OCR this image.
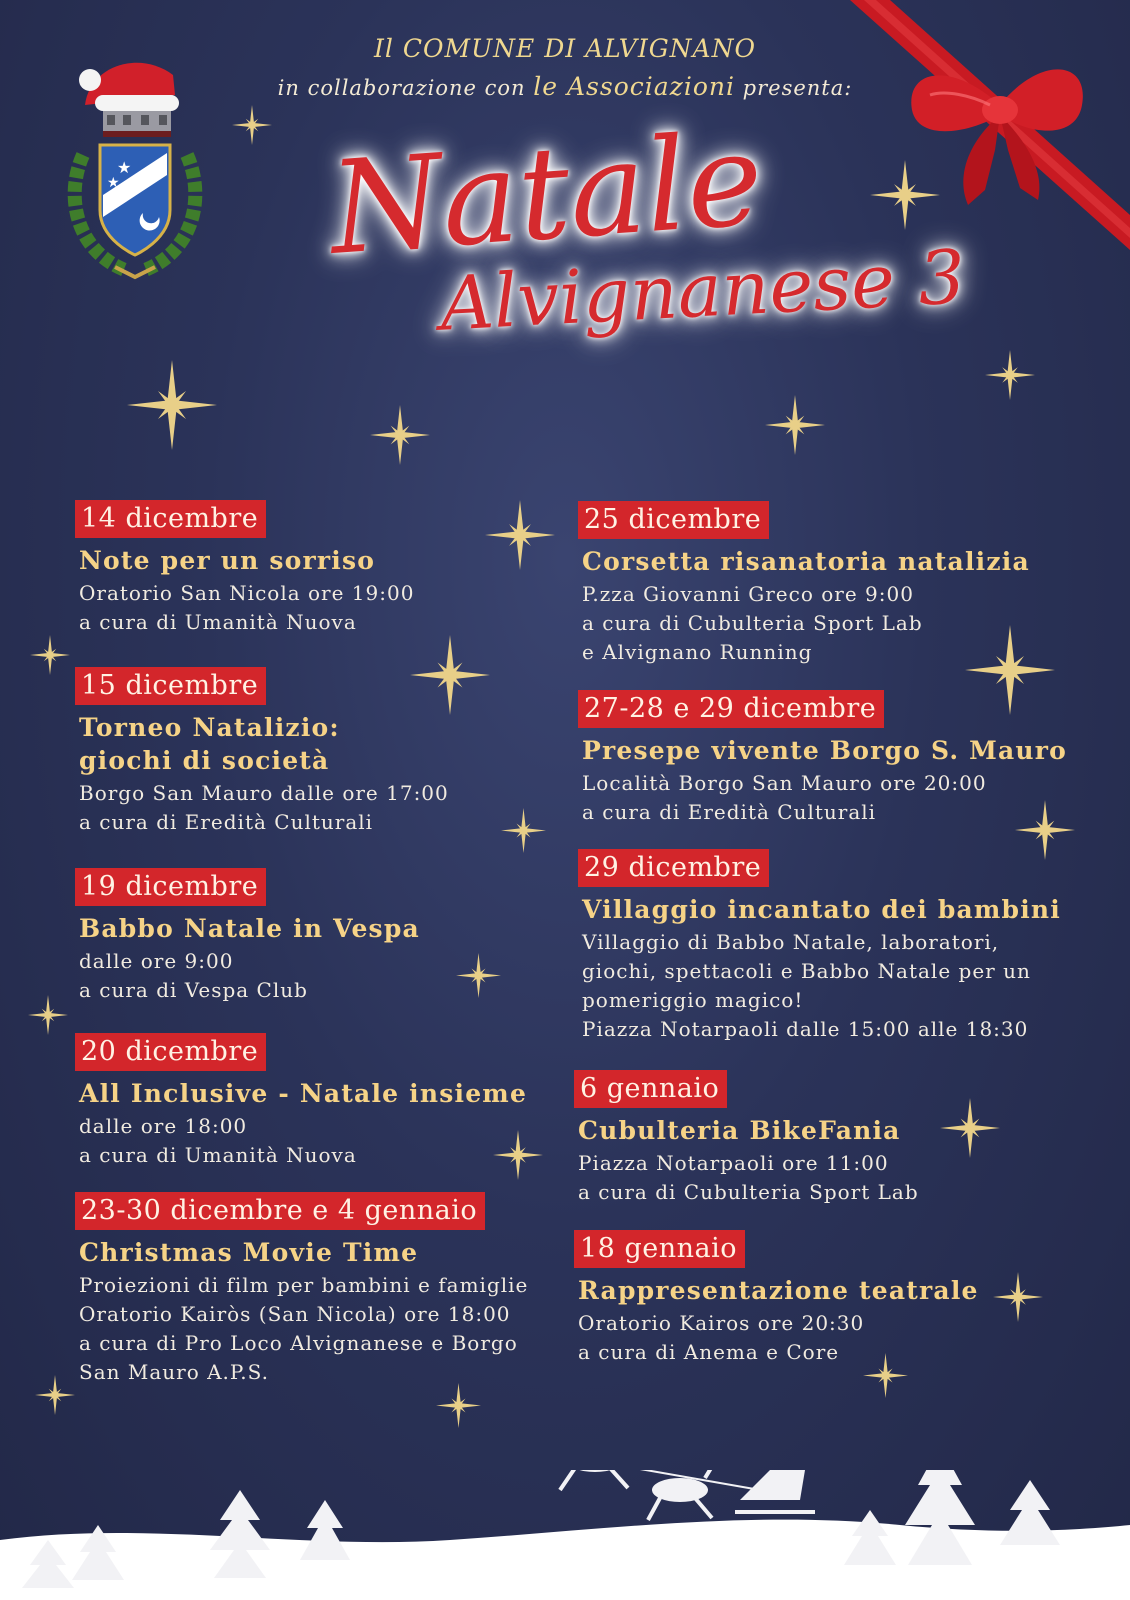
★
★
Il COMUNE DI ALVIGNANO
in collaborazione con le Associazioni presenta:
Natale
Alvignanese 3
14 dicembre
Note per un sorriso
Oratorio San Nicola ore 19:00
a cura di Umanità Nuova
15 dicembre
Torneo Natalizio:
giochi di società
Borgo San Mauro dalle ore 17:00
a cura di Eredità Culturali
19 dicembre
Babbo Natale in Vespa
dalle ore 9:00
a cura di Vespa Club
20 dicembre
All Inclusive - Natale insieme
dalle ore 18:00
a cura di Umanità Nuova
23-30 dicembre e 4 gennaio
Christmas Movie Time
Proiezioni di film per bambini e famiglie
Oratorio Kairòs (San Nicola) ore 18:00
a cura di Pro Loco Alvignanese e Borgo
San Mauro A.P.S.
25 dicembre
Corsetta risanatoria natalizia
P.zza Giovanni Greco ore 9:00
a cura di Cubulteria Sport Lab
e Alvignano Running
27-28 e 29 dicembre
Presepe vivente Borgo S. Mauro
Località Borgo San Mauro ore 20:00
a cura di Eredità Culturali
29 dicembre
Villaggio incantato dei bambini
Villaggio di Babbo Natale, laboratori,
giochi, spettacoli e Babbo Natale per un
pomeriggio magico!
Piazza Notarpaoli dalle 15:00 alle 18:30
6 gennaio
Cubulteria BikeFania
Piazza Notarpaoli ore 11:00
a cura di Cubulteria Sport Lab
18 gennaio
Rappresentazione teatrale
Oratorio Kairos ore 20:30
a cura di Anema e Core
